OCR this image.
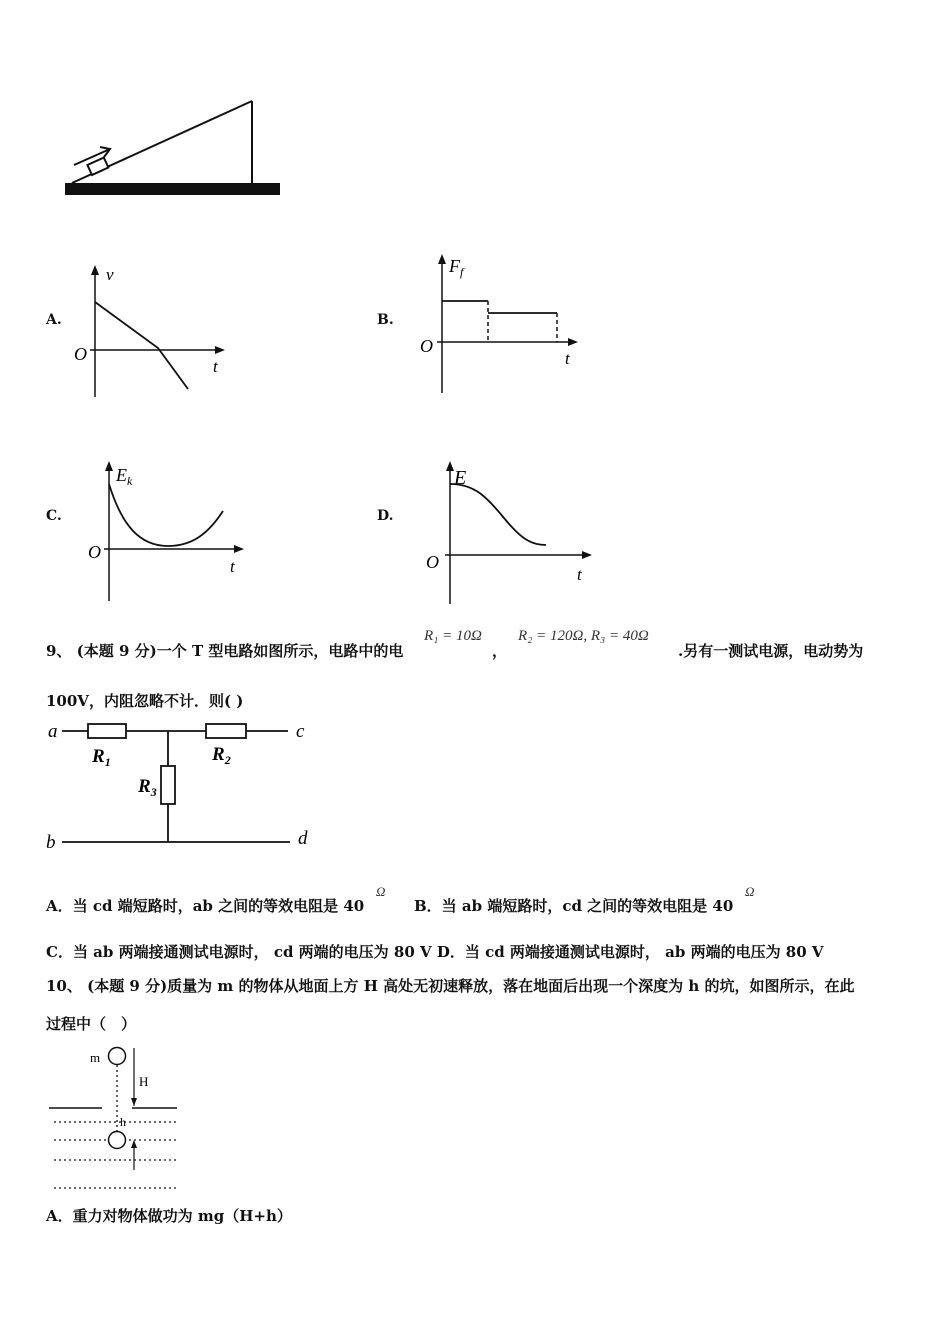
A.
v
t
O
B.
$F_f$
t
O
C.
$E_k$
t
O
D.
E
t
O
9、 (本题 9 分)一个 T 型电路如图所示，电路中的电
R₁ = 10Ω
，
R₂ = 120Ω, R₃ = 40Ω
.另有一测试电源，电动势为
100V，内阻忽略不计．则( )
a	c
b	d
$R_1$	$R_2$
$R_3$
A．当 cd 端短路时，ab 之间的等效电阻是 40
Ω
B．当 ab 端短路时，cd 之间的等效电阻是 40
Ω
C．当 ab 两端接通测试电源时， cd 两端的电压为 80 V D．当 cd 两端接通测试电源时， ab 两端的电压为 80 V
10、 (本题 9 分)质量为 m 的物体从地面上方 H 高处无初速释放，落在地面后出现一个深度为 h 的坑，如图所示，在此
过程中（　）
m
H
h
A．重力对物体做功为 mg（H+h）
